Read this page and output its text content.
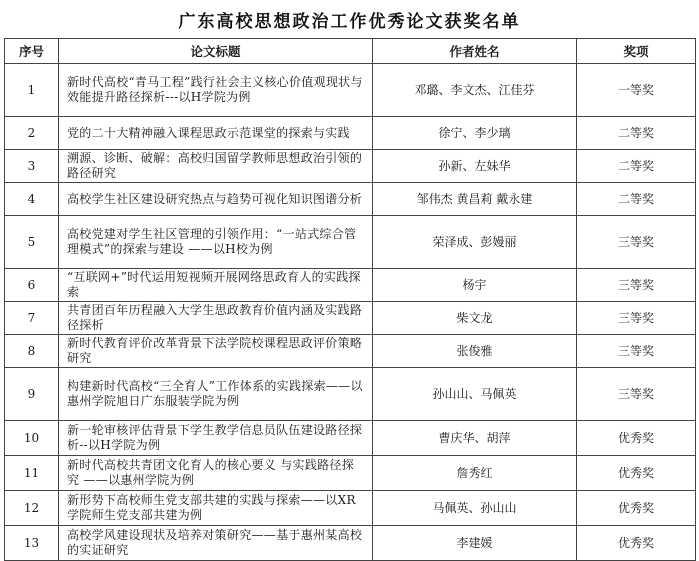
广东高校思想政治工作优秀论文获奖名单
序号	论文标题	作者姓名	奖项
1	新时代高校“青马工程”践行社会主义核心价值观现状与效能提升路径探析---以H学院为例	邓璐、李文杰、江佳芬	一等奖
2	党的二十大精神融入课程思政示范课堂的探索与实践	徐宁、李少璃	二等奖
3	溯源、诊断、破解：高校归国留学教师思想政治引领的路径研究	孙新、左妹华	二等奖
4	高校学生社区建设研究热点与趋势可视化知识图谱分析	邹伟杰 黄昌莉 戴永建	二等奖
5	高校党建对学生社区管理的引领作用：“一站式综合管理模式”的探索与建设 ——以H校为例	荣泽成、彭嫚丽	三等奖
6	“互联网+”时代运用短视频开展网络思政育人的实践探索	杨宇	三等奖
7	共青团百年历程融入大学生思政教育价值内涵及实践路径探析	柴文龙	三等奖
8	新时代教育评价改革背景下法学院校课程思政评价策略研究	张俊雅	三等奖
9	构建新时代高校“三全育人”工作体系的实践探索——以惠州学院旭日广东服装学院为例	孙山山、马佩英	三等奖
10	新一轮审核评估背景下学生教学信息员队伍建设路径探析--以H学院为例	曹庆华、胡萍	优秀奖
11	新时代高校共青团文化育人的核心要义 与实践路径探究 ——以惠州学院为例	詹秀红	优秀奖
12	新形势下高校师生党支部共建的实践与探索——以XR学院师生党支部共建为例	马佩英、孙山山	优秀奖
13	高校学风建设现状及培养对策研究——基于惠州某高校的实证研究	李建媛	优秀奖
